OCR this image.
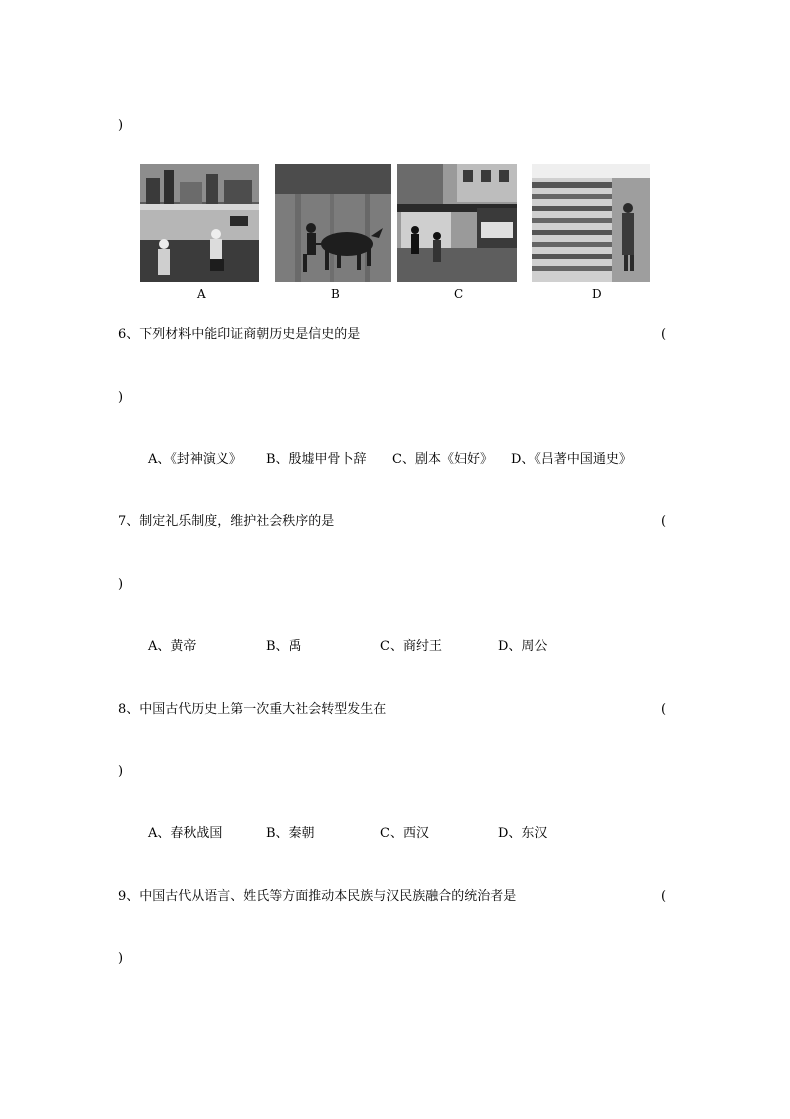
)
A	B	C	D
6、下列材料中能印证商朝历史是信史的是	(
)
A、《封神演义》 B、殷墟甲骨卜辞 C、剧本《妇好》 D、《吕著中国通史》
7、制定礼乐制度，维护社会秩序的是	(
)
A、黄帝	B、禹	C、商纣王	D、周公
8、中国古代历史上第一次重大社会转型发生在	(
)
A、春秋战国	B、秦朝	C、西汉	D、东汉
9、中国古代从语言、姓氏等方面推动本民族与汉民族融合的统治者是	(
)
